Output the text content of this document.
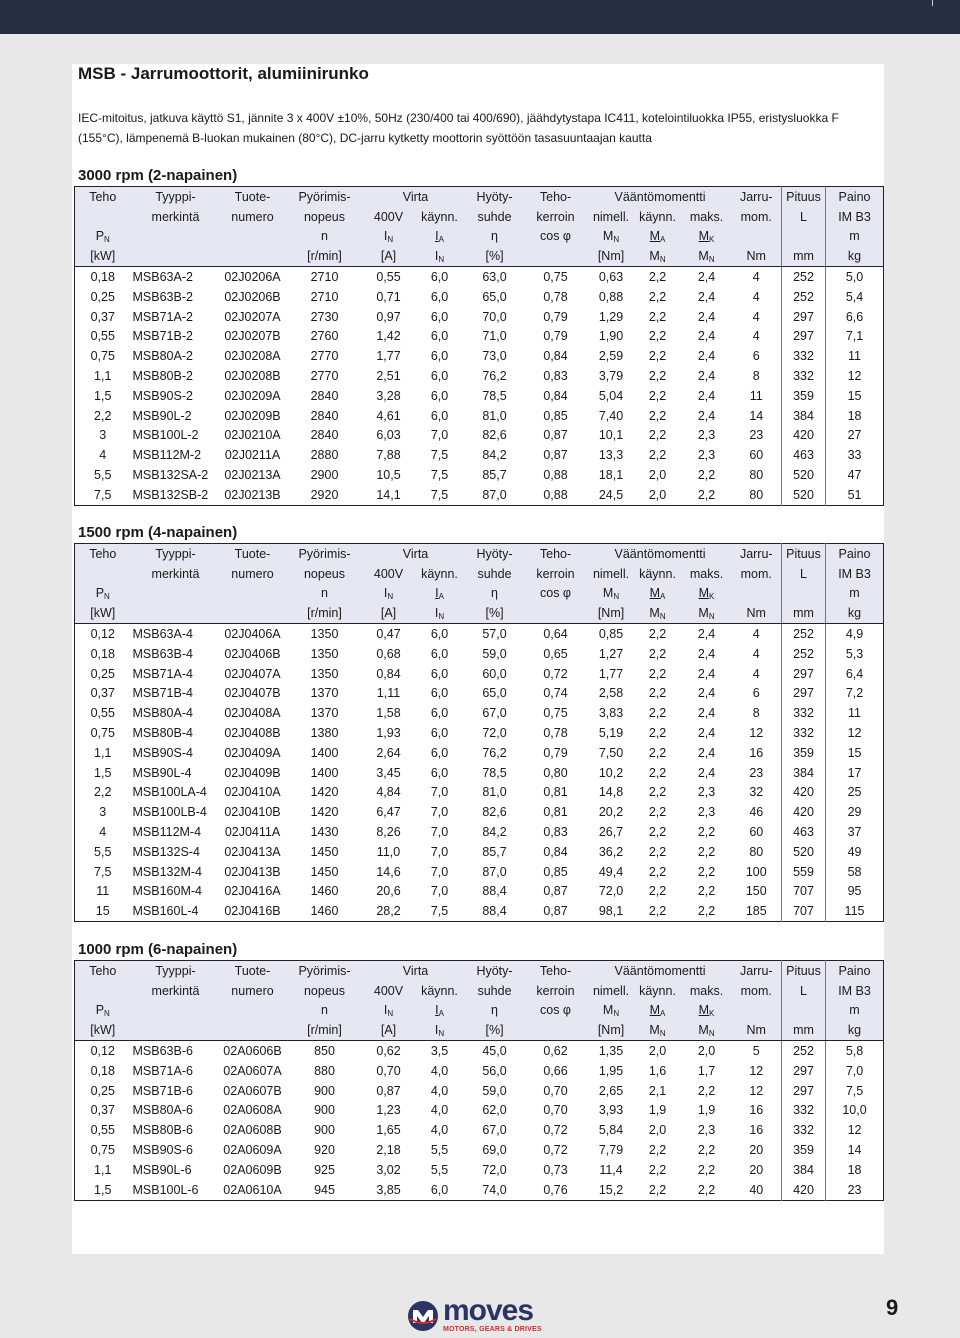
MSB - Jarrumoottorit, alumiinirunko
IEC-mitoitus, jatkuva käyttö S1, jännite 3 x 400V ±10%, 50Hz (230/400 tai 400/690), jäähdytystapa IC411, kotelointiluokka IP55, eristysluokka F (155°C), lämpenemä B-luokan mukainen (80°C), DC-jarru kytketty moottorin syöttöön tasasuuntaajan kautta
3000 rpm (2-napainen)
Teho	Tyyppi-	Tuote-	Pyörimis-	Virta		Hyöty-	Teho-	Vääntömomentti			Jarru-	Pituus	Paino
	merkintä	numero	nopeus	400V	käynn.	suhde	kerroin	nimell.	käynn.	maks.	mom.	L	IM B3
$P_N$			n	$I_N$	$I_A$	η	cos φ	$M_N$	$M_A$	$M_K$			m
[kW]			[r/min]	[A]	$I_N$	[%]		[Nm]	$M_N$	$M_N$	Nm	mm	kg
0,18	MSB63A-2	02J0206A	2710	0,55	6,0	63,0	0,75	0,63	2,2	2,4	4	252	5,0
0,25	MSB63B-2	02J0206B	2710	0,71	6,0	65,0	0,78	0,88	2,2	2,4	4	252	5,4
0,37	MSB71A-2	02J0207A	2730	0,97	6,0	70,0	0,79	1,29	2,2	2,4	4	297	6,6
0,55	MSB71B-2	02J0207B	2760	1,42	6,0	71,0	0,79	1,90	2,2	2,4	4	297	7,1
0,75	MSB80A-2	02J0208A	2770	1,77	6,0	73,0	0,84	2,59	2,2	2,4	6	332	11
1,1	MSB80B-2	02J0208B	2770	2,51	6,0	76,2	0,83	3,79	2,2	2,4	8	332	12
1,5	MSB90S-2	02J0209A	2840	3,28	6,0	78,5	0,84	5,04	2,2	2,4	11	359	15
2,2	MSB90L-2	02J0209B	2840	4,61	6,0	81,0	0,85	7,40	2,2	2,4	14	384	18
3	MSB100L-2	02J0210A	2840	6,03	7,0	82,6	0,87	10,1	2,2	2,3	23	420	27
4	MSB112M-2	02J0211A	2880	7,88	7,5	84,2	0,87	13,3	2,2	2,3	60	463	33
5,5	MSB132SA-2	02J0213A	2900	10,5	7,5	85,7	0,88	18,1	2,0	2,2	80	520	47
7,5	MSB132SB-2	02J0213B	2920	14,1	7,5	87,0	0,88	24,5	2,0	2,2	80	520	51
1500 rpm (4-napainen)
Teho	Tyyppi-	Tuote-	Pyörimis-	Virta		Hyöty-	Teho-	Vääntömomentti			Jarru-	Pituus	Paino
	merkintä	numero	nopeus	400V	käynn.	suhde	kerroin	nimell.	käynn.	maks.	mom.	L	IM B3
$P_N$			n	$I_N$	$I_A$	η	cos φ	$M_N$	$M_A$	$M_K$			m
[kW]			[r/min]	[A]	$I_N$	[%]		[Nm]	$M_N$	$M_N$	Nm	mm	kg
0,12	MSB63A-4	02J0406A	1350	0,47	6,0	57,0	0,64	0,85	2,2	2,4	4	252	4,9
0,18	MSB63B-4	02J0406B	1350	0,68	6,0	59,0	0,65	1,27	2,2	2,4	4	252	5,3
0,25	MSB71A-4	02J0407A	1350	0,84	6,0	60,0	0,72	1,77	2,2	2,4	4	297	6,4
0,37	MSB71B-4	02J0407B	1370	1,11	6,0	65,0	0,74	2,58	2,2	2,4	6	297	7,2
0,55	MSB80A-4	02J0408A	1370	1,58	6,0	67,0	0,75	3,83	2,2	2,4	8	332	11
0,75	MSB80B-4	02J0408B	1380	1,93	6,0	72,0	0,78	5,19	2,2	2,4	12	332	12
1,1	MSB90S-4	02J0409A	1400	2,64	6,0	76,2	0,79	7,50	2,2	2,4	16	359	15
1,5	MSB90L-4	02J0409B	1400	3,45	6,0	78,5	0,80	10,2	2,2	2,4	23	384	17
2,2	MSB100LA-4	02J0410A	1420	4,84	7,0	81,0	0,81	14,8	2,2	2,3	32	420	25
3	MSB100LB-4	02J0410B	1420	6,47	7,0	82,6	0,81	20,2	2,2	2,3	46	420	29
4	MSB112M-4	02J0411A	1430	8,26	7,0	84,2	0,83	26,7	2,2	2,2	60	463	37
5,5	MSB132S-4	02J0413A	1450	11,0	7,0	85,7	0,84	36,2	2,2	2,2	80	520	49
7,5	MSB132M-4	02J0413B	1450	14,6	7,0	87,0	0,85	49,4	2,2	2,2	100	559	58
11	MSB160M-4	02J0416A	1460	20,6	7,0	88,4	0,87	72,0	2,2	2,2	150	707	95
15	MSB160L-4	02J0416B	1460	28,2	7,5	88,4	0,87	98,1	2,2	2,2	185	707	115
1000 rpm (6-napainen)
Teho	Tyyppi-	Tuote-	Pyörimis-	Virta		Hyöty-	Teho-	Vääntömomentti			Jarru-	Pituus	Paino
	merkintä	numero	nopeus	400V	käynn.	suhde	kerroin	nimell.	käynn.	maks.	mom.	L	IM B3
$P_N$			n	$I_N$	$I_A$	η	cos φ	$M_N$	$M_A$	$M_K$			m
[kW]			[r/min]	[A]	$I_N$	[%]		[Nm]	$M_N$	$M_N$	Nm	mm	kg
0,12	MSB63B-6	02A0606B	850	0,62	3,5	45,0	0,62	1,35	2,0	2,0	5	252	5,8
0,18	MSB71A-6	02A0607A	880	0,70	4,0	56,0	0,66	1,95	1,6	1,7	12	297	7,0
0,25	MSB71B-6	02A0607B	900	0,87	4,0	59,0	0,70	2,65	2,1	2,2	12	297	7,5
0,37	MSB80A-6	02A0608A	900	1,23	4,0	62,0	0,70	3,93	1,9	1,9	16	332	10,0
0,55	MSB80B-6	02A0608B	900	1,65	4,0	67,0	0,72	5,84	2,0	2,3	16	332	12
0,75	MSB90S-6	02A0609A	920	2,18	5,5	69,0	0,72	7,79	2,2	2,2	20	359	14
1,1	MSB90L-6	02A0609B	925	3,02	5,5	72,0	0,73	11,4	2,2	2,2	20	384	18
1,5	MSB100L-6	02A0610A	945	3,85	6,0	74,0	0,76	15,2	2,2	2,2	40	420	23
moves
MOTORS, GEARS & DRIVES
9
